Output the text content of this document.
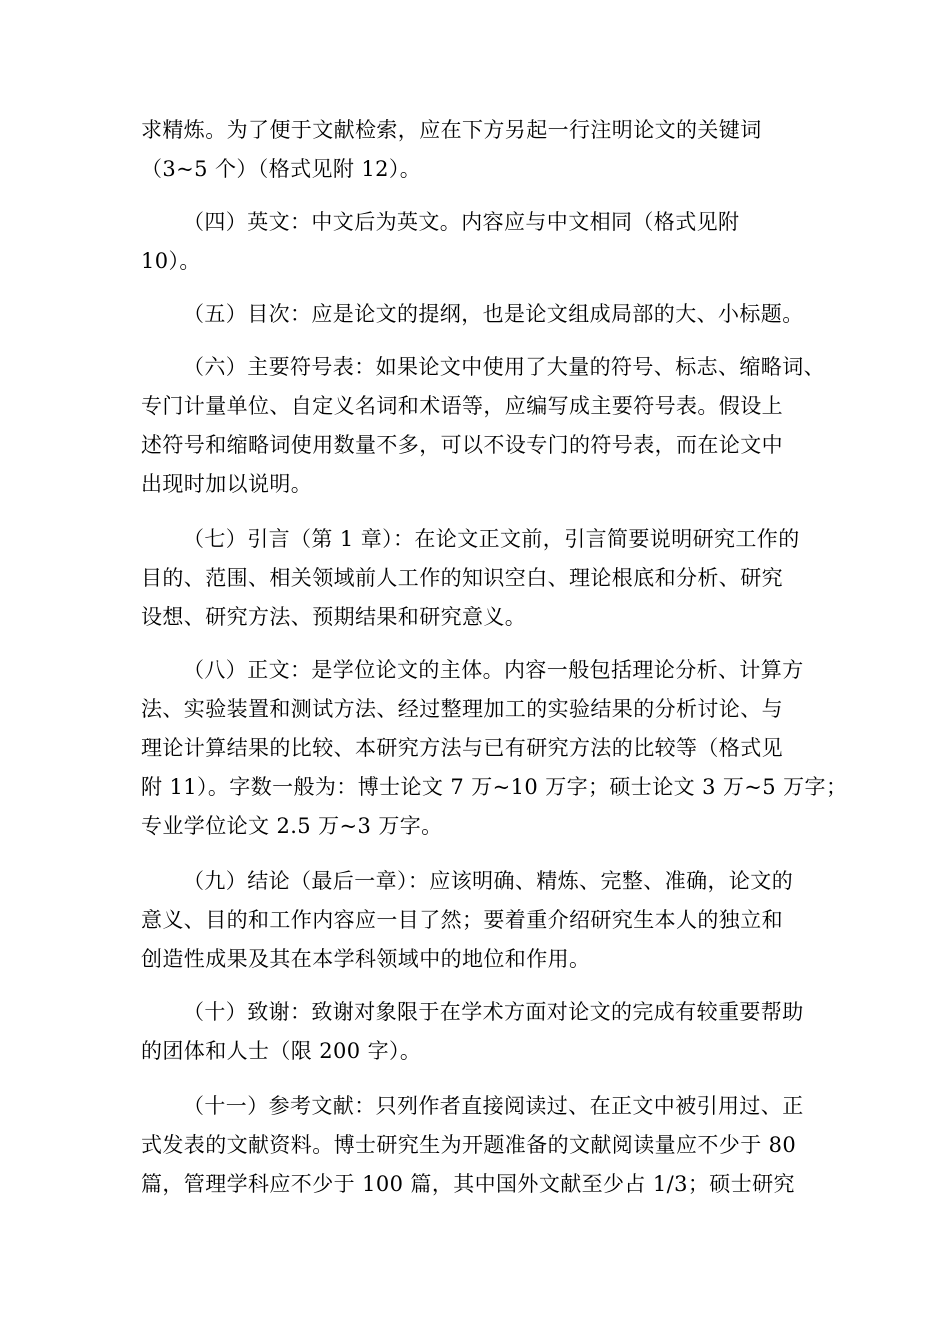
求精炼。为了便于文献检索，应在下方另起一行注明论文的关键词
（3~5 个）（格式见附 12）。
（四）英文：中文后为英文。内容应与中文相同（格式见附
10）。
（五）目次：应是论文的提纲，也是论文组成局部的大、小标题。
（六）主要符号表：如果论文中使用了大量的符号、标志、缩略词、
专门计量单位、自定义名词和术语等，应编写成主要符号表。假设上
述符号和缩略词使用数量不多，可以不设专门的符号表，而在论文中
出现时加以说明。
（七）引言（第 1 章）：在论文正文前，引言简要说明研究工作的
目的、范围、相关领域前人工作的知识空白、理论根底和分析、研究
设想、研究方法、预期结果和研究意义。
（八）正文：是学位论文的主体。内容一般包括理论分析、计算方
法、实验装置和测试方法、经过整理加工的实验结果的分析讨论、与
理论计算结果的比较、本研究方法与已有研究方法的比较等（格式见
附 11）。字数一般为：博士论文 7 万~10 万字；硕士论文 3 万~5 万字；
专业学位论文 2.5 万~3 万字。
（九）结论（最后一章）：应该明确、精炼、完整、准确，论文的
意义、目的和工作内容应一目了然；要着重介绍研究生本人的独立和
创造性成果及其在本学科领域中的地位和作用。
（十）致谢：致谢对象限于在学术方面对论文的完成有较重要帮助
的团体和人士（限 200 字）。
（十一）参考文献：只列作者直接阅读过、在正文中被引用过、正
式发表的文献资料。博士研究生为开题准备的文献阅读量应不少于 80
篇，管理学科应不少于 100 篇，其中国外文献至少占 1/3；硕士研究
